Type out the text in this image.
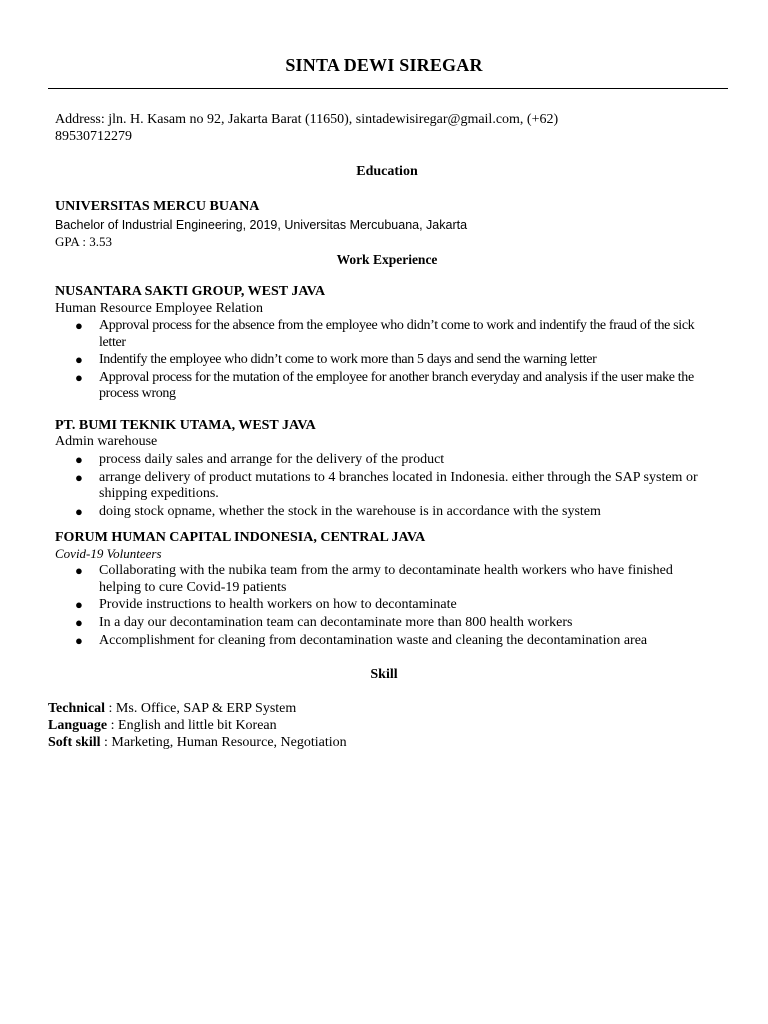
SINTA DEWI SIREGAR
Address: jln. H. Kasam no 92, Jakarta Barat (11650), sintadewisiregar@gmail.com, (+62) 89530712279
Education
UNIVERSITAS MERCU BUANA
Bachelor of Industrial Engineering, 2019, Universitas Mercubuana, Jakarta
GPA : 3.53
Work Experience
NUSANTARA SAKTI GROUP, WEST JAVA
Human Resource Employee Relation
● Approval process for the absence from the employee who didn’t come to work and indentify the fraud of the sick letter
● Indentify the employee who didn’t come to work more than 5 days and send the warning letter
● Approval process for the mutation of the employee for another branch everyday and analysis if the user make the process wrong
PT. BUMI TEKNIK UTAMA, WEST JAVA
Admin warehouse
● process daily sales and arrange for the delivery of the product
● arrange delivery of product mutations to 4 branches located in Indonesia. either through the SAP system or shipping expeditions.
● doing stock opname, whether the stock in the warehouse is in accordance with the system
FORUM HUMAN CAPITAL INDONESIA, CENTRAL JAVA
Covid-19 Volunteers
● Collaborating with the nubika team from the army to decontaminate health workers who have finished helping to cure Covid-19 patients
● Provide instructions to health workers on how to decontaminate
● In a day our decontamination team can decontaminate more than 800 health workers
● Accomplishment for cleaning from decontamination waste and cleaning the decontamination area
Skill
Technical : Ms. Office, SAP & ERP System
Language : English and little bit Korean
Soft skill : Marketing, Human Resource, Negotiation
